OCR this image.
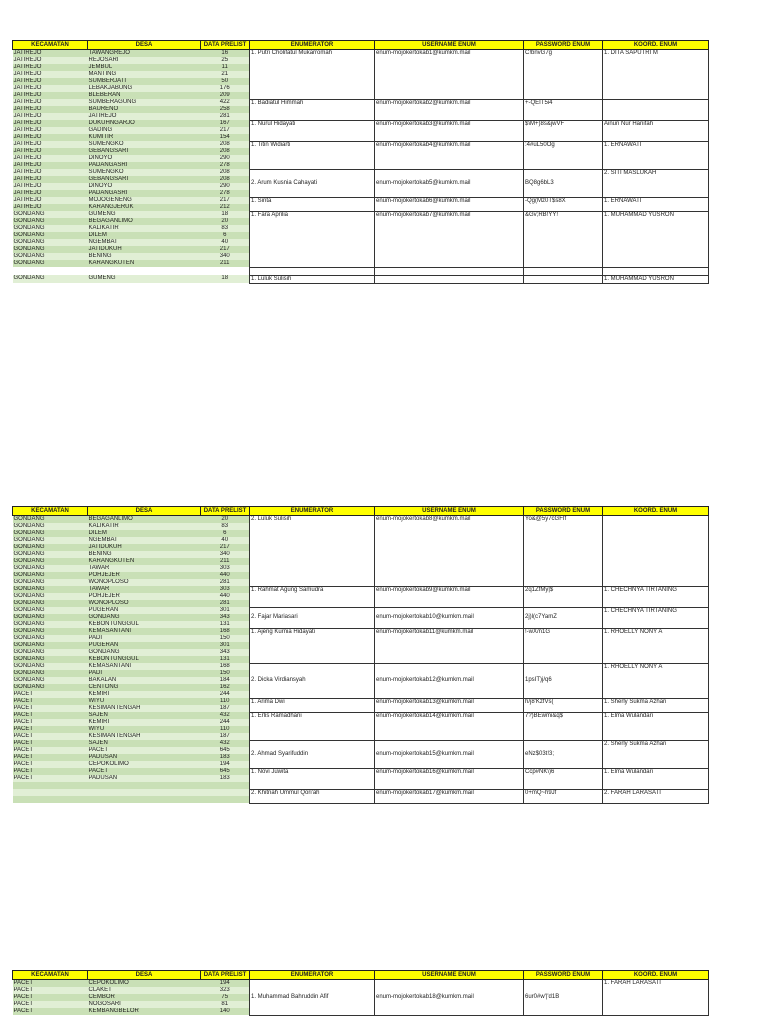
KECAMATAN	DESA	DATA PRELIST	ENUMERATOR	USERNAME ENUM	PASSWORD ENUM	KOORD. ENUM
JATIREJO	TAWANGREJO	16	1. Putri Cholifatul Mukarromah	enum-mojokertokab1@kumkm.mail	C!bnvG7g	1. DITA SAPUTRI M
JATIREJO	REJOSARI	25				
JATIREJO	JEMBUL	11				
JATIREJO	MANTING	21				
JATIREJO	SUMBERJATI	50				
JATIREJO	LEBAKJABUNG	176				
JATIREJO	BLEBERAN	209				
JATIREJO	SUMBERAGUNG	422	1. Badiatul Himmah	enum-mojokertokab2@kumkm.mail	+-QEIT5i4	
JATIREJO	BAURENO	258				
JATIREJO	JATIREJO	281				
JATIREJO	DUKUHNGARJO	167	1. Nurul Hidayati	enum-mojokertokab3@kumkm.mail	$\M+)8s&jwVF	Ainun Nur Hanifah
JATIREJO	GADING	217				
JATIREJO	KUMITIR	154				
JATIREJO	SUMENGKO	208	1. Titin Widiarti	enum-mojokertokab4@kumkm.mail	:4#uL50Og	1. ERNAWATI
JATIREJO	GEBANGSARI	208				
JATIREJO	DINOYO	290				
JATIREJO	PADANGASRI	278				
JATIREJO	SUMENGKO	208	2. Arum Kusnia Cahayati	enum-mojokertokab5@kumkm.mail	BQ8g6bL3	2. SITI MASLUKAH
JATIREJO	GEBANGSARI	208				
JATIREJO	DINOYO	290				
JATIREJO	PADANGASRI	278				
JATIREJO	MOJOGENENG	217	1. Sinta	enum-mojokertokab6@kumkm.mail	-Qg(Mz0T$s8X	1. ERNAWATI
JATIREJO	KARANGJERUK	212				
GONDANG	GUMENG	18	1. Fara Aprilia	enum-mojokertokab7@kumkm.mail	&Gv;RB!YY!	1. MUHAMMAD YUSRON
GONDANG	BEGAGANLIMO	20				
GONDANG	KALIKATIR	83				
GONDANG	DILEM	6				
GONDANG	NGEMBAT	40				
GONDANG	JATIDUKUH	217				
GONDANG	BENING	340				
GONDANG	KARANGKUTEN	211				

GONDANG	GUMENG	18	1. Luluk Sulisih			1. MUHAMMAD YUSRON
KECAMATAN	DESA	DATA PRELIST	ENUMERATOR	USERNAME ENUM	PASSWORD ENUM	KOORD. ENUM
GONDANG	BEGAGANLIMO	20	2. Luluk Sulisih	enum-mojokertokab8@kumkm.mail	Yo&@5y7cGFIf	
GONDANG	KALIKATIR	83				
GONDANG	DILEM	6				
GONDANG	NGEMBAT	40				
GONDANG	JATIDUKUH	217				
GONDANG	BENING	340				
GONDANG	KARANGKUTEN	211				
GONDANG	TAWAR	303				
GONDANG	POHJEJER	440				
GONDANG	WONOPLOSO	281				
GONDANG	TAWAR	303	1. Rahmat Agung Samudra	enum-mojokertokab9@kumkm.mail	2q1ZfMy|$	1. CHECHNYA TIRTANING
GONDANG	POHJEJER	440				
GONDANG	WONOPLOSO	281				
GONDANG	PUGERAN	301	2. Fajar Mariasari	enum-mojokertokab10@kumkm.mail	2j)l(c7YamZ	1. CHECHNYA TIRTANING
GONDANG	GONDANG	343				
GONDANG	KEBONTUNGGUL	131				
GONDANG	KEMASANTANI	168	1. Ajeng Kurnia Hidayati	enum-mojokertokab11@kumkm.mail	!-wX/n1G	1. RHOELLY NONY A
GONDANG	PADI	150				
GONDANG	PUGERAN	301				
GONDANG	GONDANG	343				
GONDANG	KEBONTUNGGUL	131				
GONDANG	KEMASANTANI	168	2. Dicka Virdiansyah	enum-mojokertokab12@kumkm.mail	1psIT)j/q6	1. RHOELLY NONY A
GONDANG	PADI	150				
GONDANG	BAKALAN	184				
GONDANG	CENTONG	162				
PACET	KEMIRI	244				
PACET	WIYU	110	1. Arima Dwi	enum-mojokertokab13@kumkm.mail	h/j8'KzfVs(	1. Sherly Sukma Azhari
PACET	KESIMANTENGAH	187				
PACET	SAJEN	432	1. Erlis Ramadhani	enum-mojokertokab14@kumkm.mail	7?)BEwmi&q$	1. Elma Wulandari
PACET	KEMIRI	244				
PACET	WIYU	110				
PACET	KESIMANTENGAH	187				
PACET	SAJEN	432	2. Ahmad Syarifuddin	enum-mojokertokab15@kumkm.mail	eNz$03t!3;	2. Sherly Sukma Azhari
PACET	PACET	645				
PACET	PADUSAN	183				
PACET	CEPOKOLIMO	194				
PACET	PACET	645	1. Novi Juwita	enum-mojokertokab16@kumkm.mail	Ccp#NK\)6	1. Elma Wulandari
PACET	PADUSAN	183				

			2. Khitnah Ummul Qori'ah	enum-mojokertokab17@kumkm.mail	0+mQ~h9Jf	2. FARAH LARASATI

KECAMATAN	DESA	DATA PRELIST	ENUMERATOR	USERNAME ENUM	PASSWORD ENUM	KOORD. ENUM
PACET	CEPOKOLIMO	194	1. Muhammad Bahruddin Afif	enum-mojokertokab18@kumkm.mail	6ur0#w'|'d1B	1. FARAH LARASATI
PACET	CLAKET	323				
PACET	CEMBOR	75				
PACET	NOGOSARI	81				
PACET	KEMBANGBELOR	140				
